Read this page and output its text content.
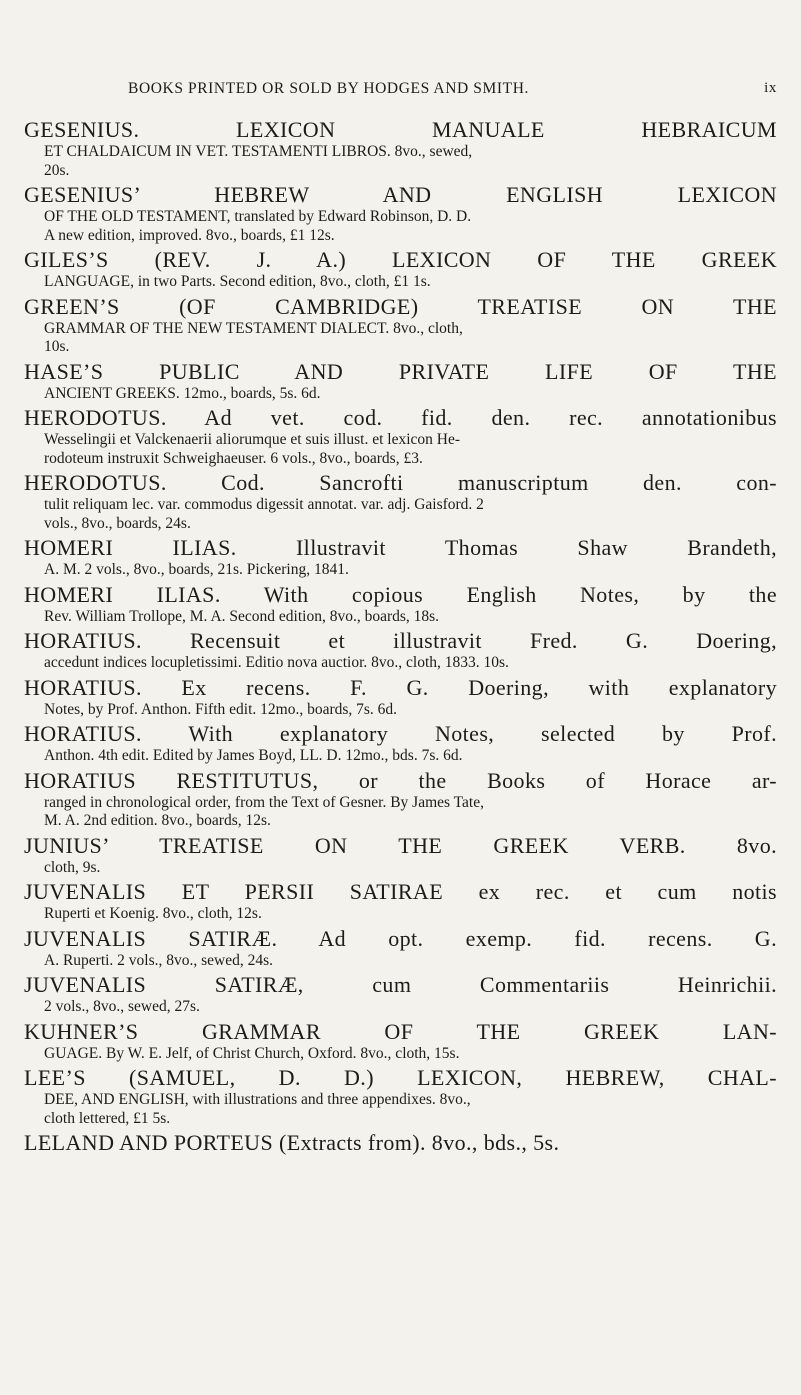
BOOKS PRINTED OR SOLD BY HODGES AND SMITH.	ix
GESENIUS. LEXICON MANUALE HEBRAICUM
ET CHALDAICUM IN VET. TESTAMENTI LIBROS. 8vo., sewed,
20s.
GESENIUS’ HEBREW AND ENGLISH LEXICON
OF THE OLD TESTAMENT, translated by Edward Robinson, D. D.
A new edition, improved. 8vo., boards, £1 12s.
GILES’S (REV. J. A.) LEXICON OF THE GREEK
LANGUAGE, in two Parts. Second edition, 8vo., cloth, £1 1s.
GREEN’S (OF CAMBRIDGE) TREATISE ON THE
GRAMMAR OF THE NEW TESTAMENT DIALECT. 8vo., cloth,
10s.
HASE’S PUBLIC AND PRIVATE LIFE OF THE
ANCIENT GREEKS. 12mo., boards, 5s. 6d.
HERODOTUS. Ad vet. cod. fid. den. rec. annotationibus
Wesselingii et Valckenaerii aliorumque et suis illust. et lexicon He-
rodoteum instruxit Schweighaeuser. 6 vols., 8vo., boards, £3.
HERODOTUS. Cod. Sancrofti manuscriptum den. con-
tulit reliquam lec. var. commodus digessit annotat. var. adj. Gaisford. 2
vols., 8vo., boards, 24s.
HOMERI ILIAS. Illustravit Thomas Shaw Brandeth,
A. M. 2 vols., 8vo., boards, 21s. Pickering, 1841.
HOMERI ILIAS. With copious English Notes, by the
Rev. William Trollope, M. A. Second edition, 8vo., boards, 18s.
HORATIUS. Recensuit et illustravit Fred. G. Doering,
accedunt indices locupletissimi. Editio nova auctior. 8vo., cloth, 1833. 10s.
HORATIUS. Ex recens. F. G. Doering, with explanatory
Notes, by Prof. Anthon. Fifth edit. 12mo., boards, 7s. 6d.
HORATIUS. With explanatory Notes, selected by Prof.
Anthon. 4th edit. Edited by James Boyd, LL. D. 12mo., bds. 7s. 6d.
HORATIUS RESTITUTUS, or the Books of Horace ar-
ranged in chronological order, from the Text of Gesner. By James Tate,
M. A. 2nd edition. 8vo., boards, 12s.
JUNIUS’ TREATISE ON THE GREEK VERB. 8vo.
cloth, 9s.
JUVENALIS ET PERSII SATIRAE ex rec. et cum notis
Ruperti et Koenig. 8vo., cloth, 12s.
JUVENALIS SATIRÆ. Ad opt. exemp. fid. recens. G.
A. Ruperti. 2 vols., 8vo., sewed, 24s.
JUVENALIS SATIRÆ, cum Commentariis Heinrichii.
2 vols., 8vo., sewed, 27s.
KUHNER’S GRAMMAR OF THE GREEK LAN-
GUAGE. By W. E. Jelf, of Christ Church, Oxford. 8vo., cloth, 15s.
LEE’S (SAMUEL, D. D.) LEXICON, HEBREW, CHAL-
DEE, AND ENGLISH, with illustrations and three appendixes. 8vo.,
cloth lettered, £1 5s.
LELAND AND PORTEUS (Extracts from). 8vo., bds., 5s.
